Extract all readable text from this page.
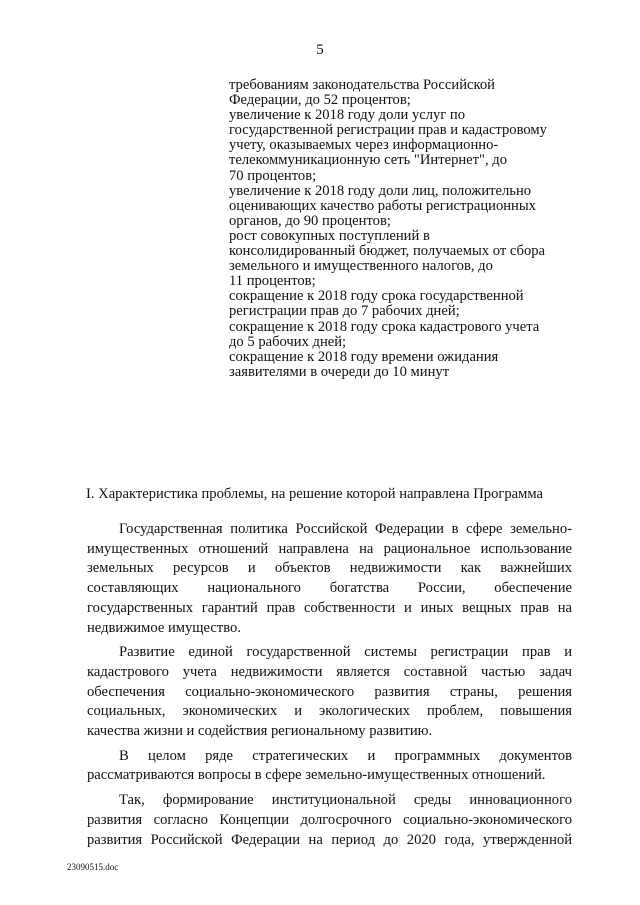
5
требованиям законодательства Российской
Федерации, до 52 процентов;
увеличение к 2018 году доли услуг по
государственной регистрации прав и кадастровому
учету, оказываемых через информационно-
телекоммуникационную сеть "Интернет", до
70 процентов;
увеличение к 2018 году доли лиц, положительно
оценивающих качество работы регистрационных
органов, до 90 процентов;
рост совокупных поступлений в
консолидированный бюджет, получаемых от сбора
земельного и имущественного налогов, до
11 процентов;
сокращение к 2018 году срока государственной
регистрации прав до 7 рабочих дней;
сокращение к 2018 году срока кадастрового учета
до 5 рабочих дней;
сокращение к 2018 году времени ожидания
заявителями в очереди до 10 минут
I. Характеристика проблемы, на решение которой направлена Программа
Государственная политика Российской Федерации в сфере земельно-
имущественных отношений направлена на рациональное использование
земельных ресурсов и объектов недвижимости как важнейших
составляющих национального богатства России, обеспечение
государственных гарантий прав собственности и иных вещных прав на
недвижимое имущество.
Развитие единой государственной системы регистрации прав и
кадастрового учета недвижимости является составной частью задач
обеспечения социально-экономического развития страны, решения
социальных, экономических и экологических проблем, повышения
качества жизни и содействия региональному развитию.
В целом ряде стратегических и программных документов
рассматриваются вопросы в сфере земельно-имущественных отношений.
Так, формирование институциональной среды инновационного
развития согласно Концепции долгосрочного социально-экономического
развития Российской Федерации на период до 2020 года, утвержденной
23090515.doc
